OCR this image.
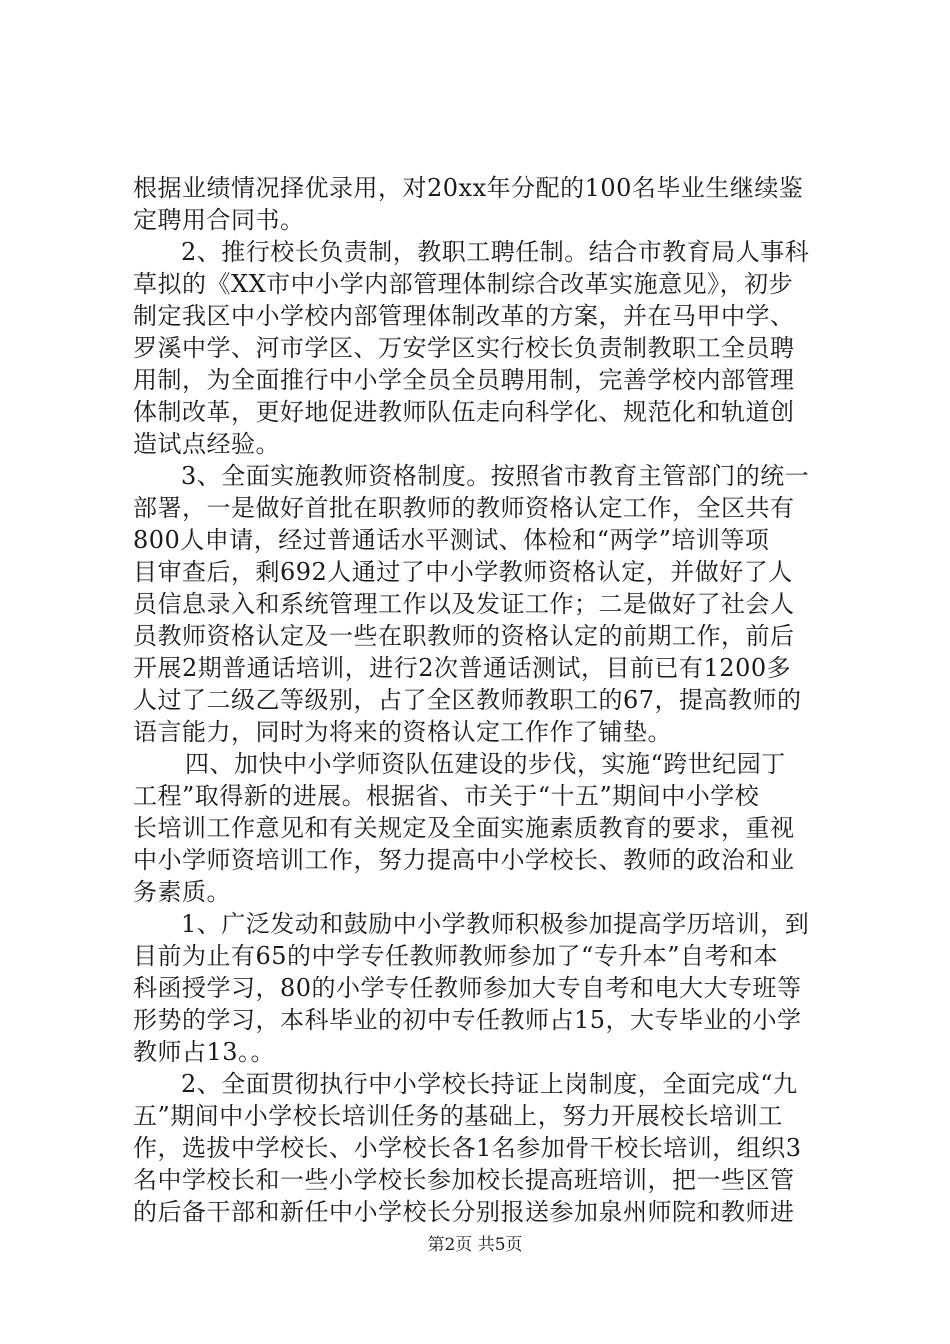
根据业绩情况择优录用，对20xx年分配的100名毕业生继续鉴
定聘用合同书。
2、推行校长负责制，教职工聘任制。结合市教育局人事科
草拟的《XX市中小学内部管理体制综合改革实施意见》，初步
制定我区中小学校内部管理体制改革的方案，并在马甲中学、
罗溪中学、河市学区、万安学区实行校长负责制教职工全员聘
用制，为全面推行中小学全员全员聘用制，完善学校内部管理
体制改革，更好地促进教师队伍走向科学化、规范化和轨道创
造试点经验。
3、全面实施教师资格制度。按照省市教育主管部门的统一
部署，一是做好首批在职教师的教师资格认定工作，全区共有
800人申请，经过普通话水平测试、体检和“两学”培训等项
目审查后，剩692人通过了中小学教师资格认定，并做好了人
员信息录入和系统管理工作以及发证工作；二是做好了社会人
员教师资格认定及一些在职教师的资格认定的前期工作，前后
开展2期普通话培训，进行2次普通话测试，目前已有1200多
人过了二级乙等级别，占了全区教师教职工的67，提高教师的
语言能力，同时为将来的资格认定工作作了铺垫。
四、加快中小学师资队伍建设的步伐，实施“跨世纪园丁
工程”取得新的进展。根据省、市关于“十五”期间中小学校
长培训工作意见和有关规定及全面实施素质教育的要求，重视
中小学师资培训工作，努力提高中小学校长、教师的政治和业
务素质。
1、广泛发动和鼓励中小学教师积极参加提高学历培训，到
目前为止有65的中学专任教师教师参加了“专升本”自考和本
科函授学习，80的小学专任教师参加大专自考和电大大专班等
形势的学习，本科毕业的初中专任教师占15，大专毕业的小学
教师占13。。
2、全面贯彻执行中小学校长持证上岗制度，全面完成“九
五”期间中小学校长培训任务的基础上，努力开展校长培训工
作，选拔中学校长、小学校长各1名参加骨干校长培训，组织3
名中学校长和一些小学校长参加校长提高班培训，把一些区管
的后备干部和新任中小学校长分别报送参加泉州师院和教师进
第2页 共5页
